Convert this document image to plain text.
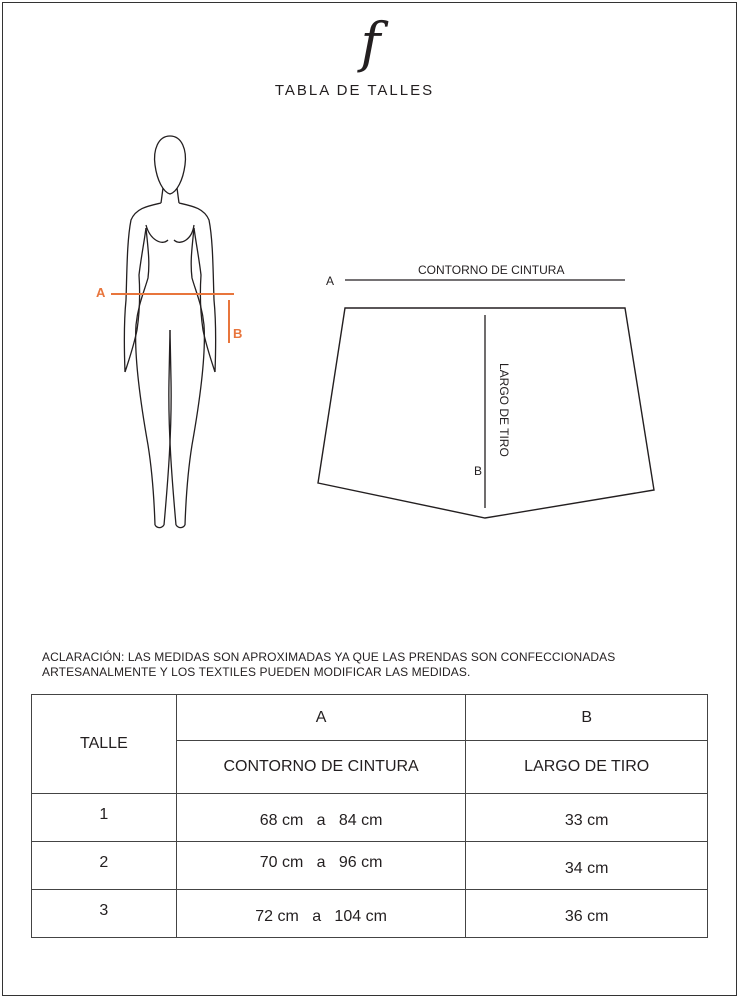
f
TABLA DE TALLES
A
B
A
CONTORNO DE CINTURA
LARGO DE TIRO
B
ACLARACIÓN: LAS MEDIDAS SON APROXIMADAS YA QUE LAS PRENDAS SON CONFECCIONADAS
ARTESANALMENTE Y LOS TEXTILES PUEDEN MODIFICAR LAS MEDIDAS.
TALLE	A	B
	CONTORNO DE CINTURA	LARGO DE TIRO

1	68 cm   a   84 cm	33 cm

2	70 cm   a   96 cm	34 cm

3	72 cm   a   104 cm	36 cm
